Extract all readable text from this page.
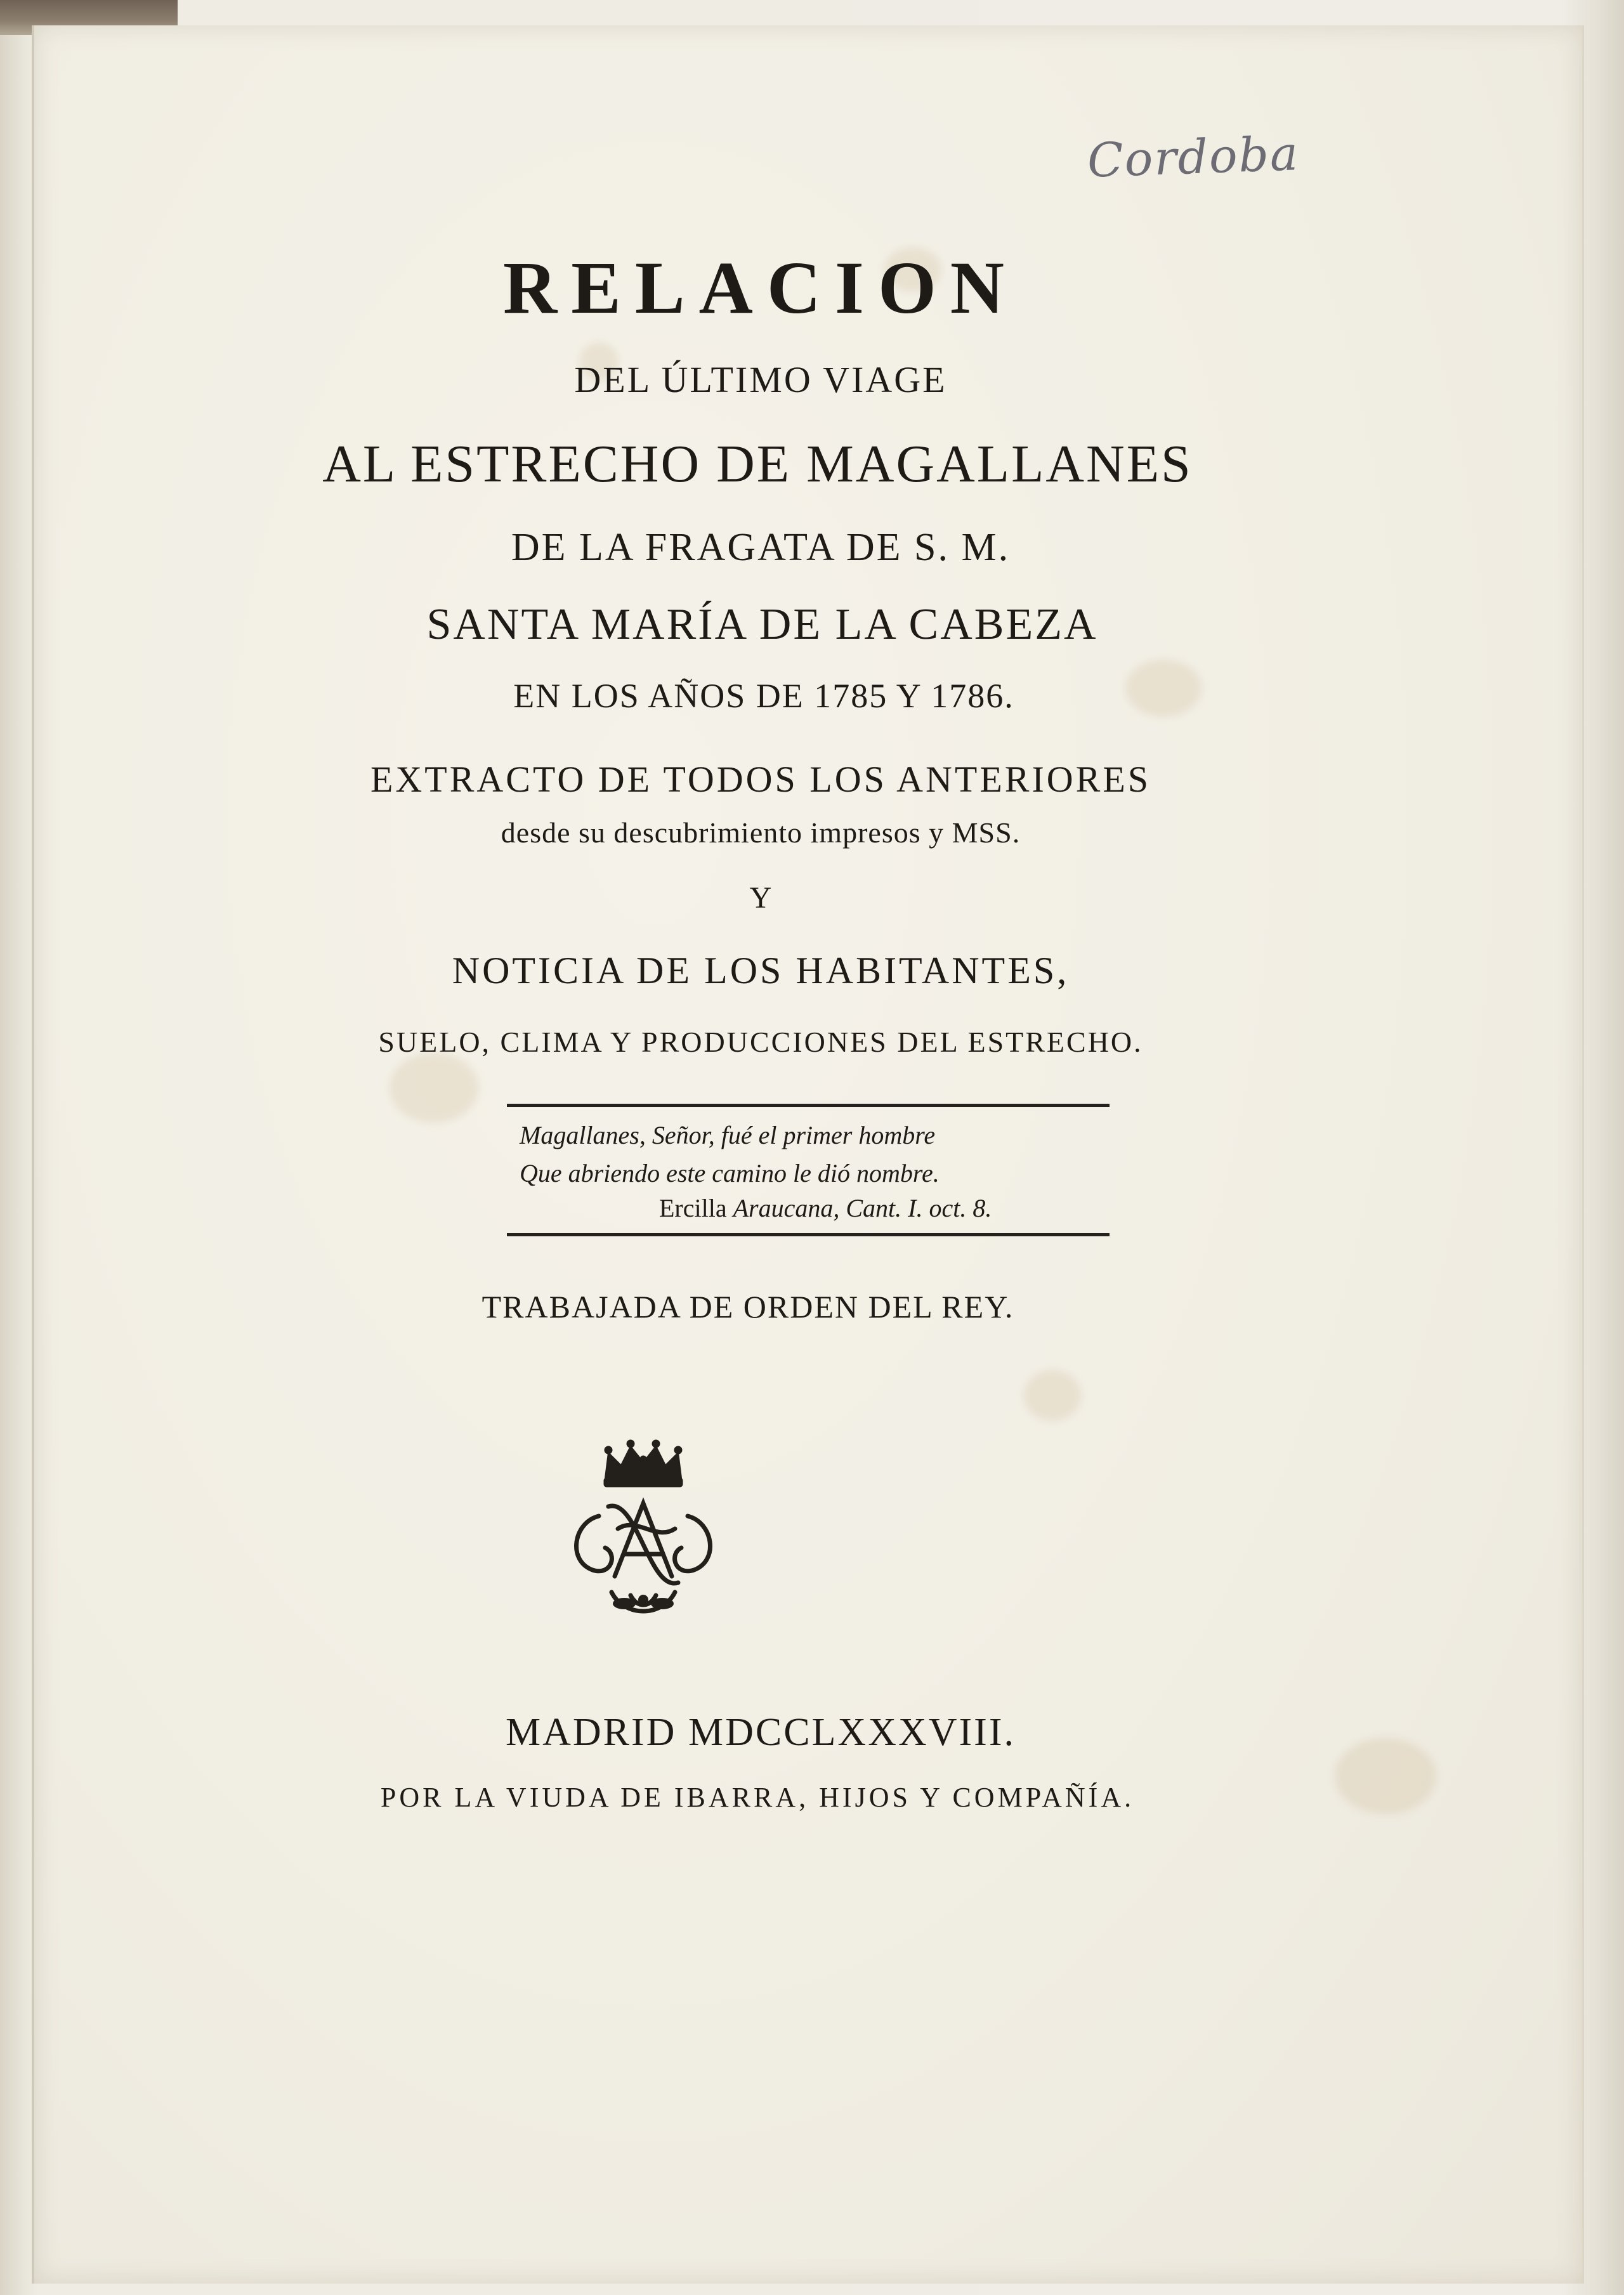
Cordoba
RELACION
DEL ÚLTIMO VIAGE
AL ESTRECHO DE MAGALLANES
DE LA FRAGATA DE S. M.
SANTA MARÍA DE LA CABEZA
EN LOS AÑOS DE 1785 Y 1786.
EXTRACTO DE TODOS LOS ANTERIORES
desde su descubrimiento impresos y MSS.
Y
NOTICIA DE LOS HABITANTES,
SUELO, CLIMA Y PRODUCCIONES DEL ESTRECHO.
Magallanes, Señor, fué el primer hombre
Que abriendo este camino le dió nombre.
Ercilla Araucana, Cant. I. oct. 8.
TRABAJADA DE ORDEN DEL REY.
MADRID MDCCLXXXVIII.
POR LA VIUDA DE IBARRA, HIJOS Y COMPAÑÍA.
